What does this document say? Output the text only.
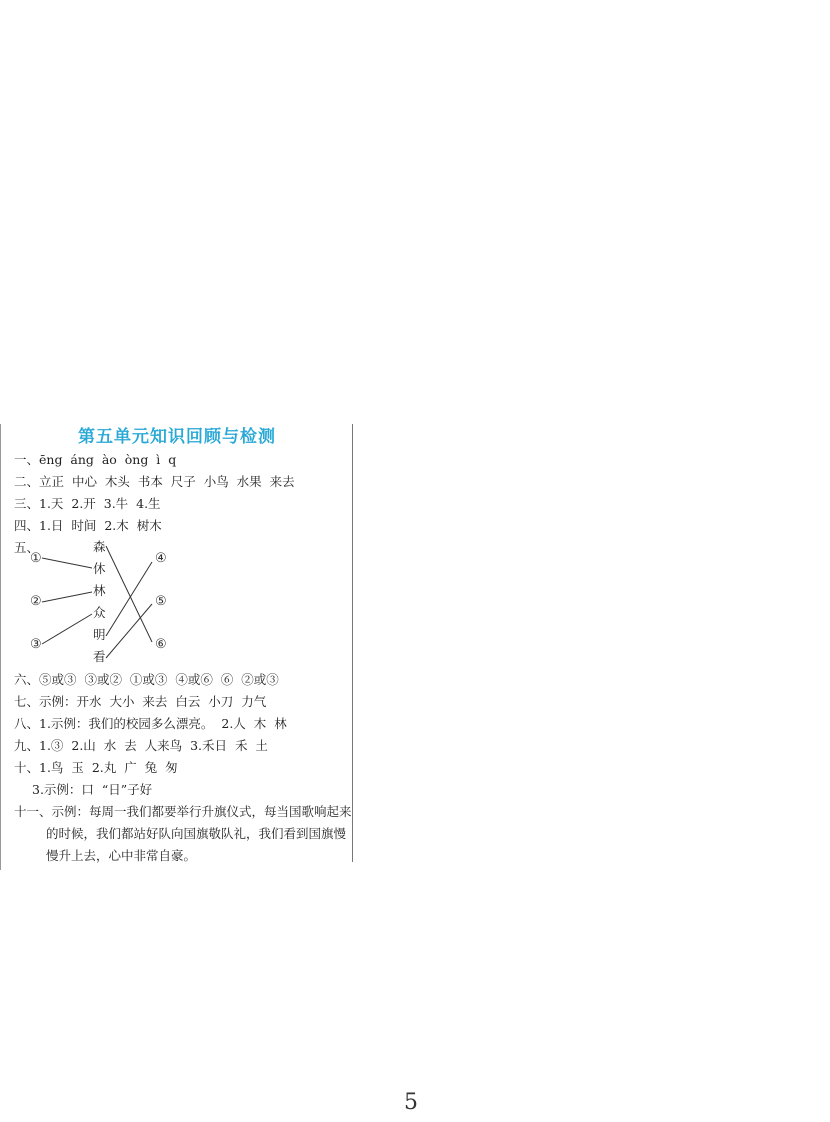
第五单元知识回顾与检测
一、ēng  áng  ào  òng  ì  q
二、立正  中心  木头  书本  尺子  小鸟  水果  来去
三、1.天  2.开  3.牛  4.生
四、1.日  时间  2.木  树木
五、	森
休
林
众
明
看
①
②
③
④
⑤
⑥
六、⑤或③  ③或②  ①或③  ④或⑥  ⑥  ②或③
七、示例：开水  大小  来去  白云  小刀  力气
八、1.示例：我们的校园多么漂亮。  2.人  木  林
九、1.③  2.山  水  去  人来鸟  3.禾日  禾  土
十、1.鸟  玉  2.丸  广  兔  匆
3.示例：口  “日”子好
十一、示例：每周一我们都要举行升旗仪式，每当国歌响起来
的时候，我们都站好队向国旗敬队礼，我们看到国旗慢
慢升上去，心中非常自豪。
5
